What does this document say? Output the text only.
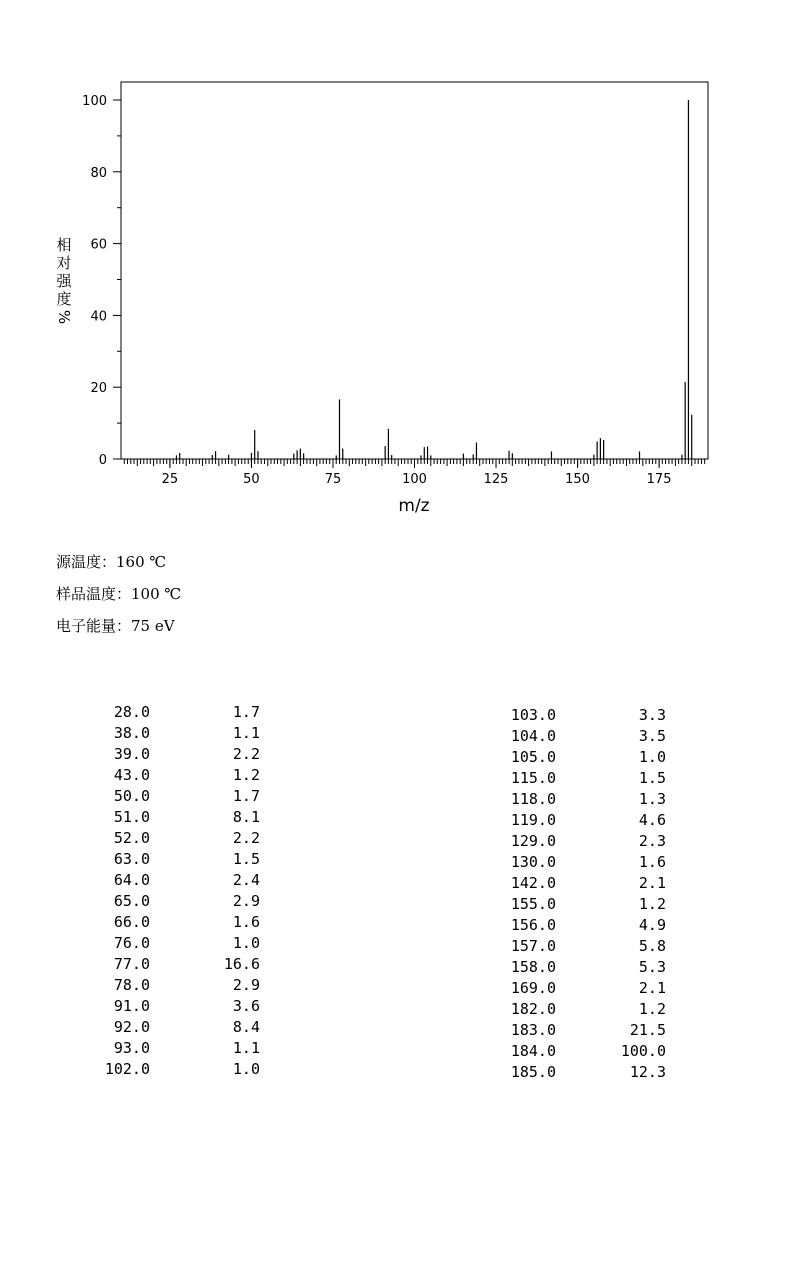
25	50	75	100	125	150	175
0
20
40
60
80
100
m/z
相
对
强
度
%
源温度：160 ℃
样品温度：100 ℃
电子能量：75 eV
28.0	1.7
38.0	1.1
39.0	2.2
43.0	1.2
50.0	1.7
51.0	8.1
52.0	2.2
63.0	1.5
64.0	2.4
65.0	2.9
66.0	1.6
76.0	1.0
77.0	16.6
78.0	2.9
91.0	3.6
92.0	8.4
93.0	1.1
102.0	1.0
103.0	3.3
104.0	3.5
105.0	1.0
115.0	1.5
118.0	1.3
119.0	4.6
129.0	2.3
130.0	1.6
142.0	2.1
155.0	1.2
156.0	4.9
157.0	5.8
158.0	5.3
169.0	2.1
182.0	1.2
183.0	21.5
184.0	100.0
185.0	12.3
